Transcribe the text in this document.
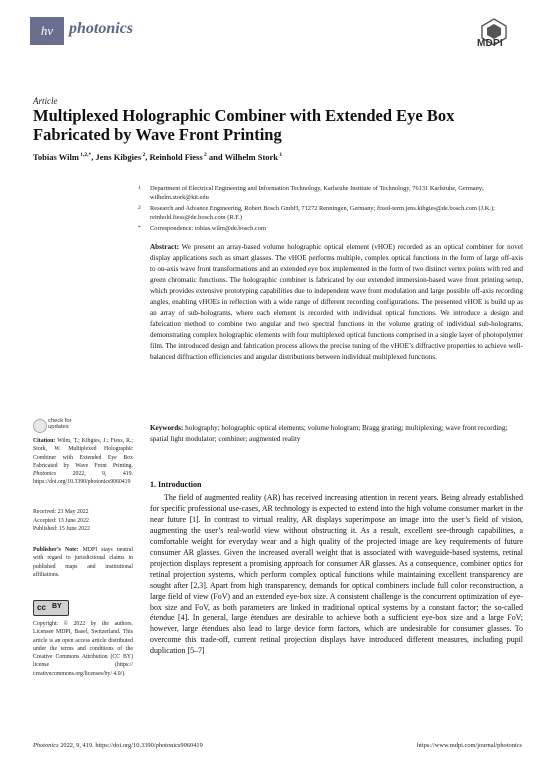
hv photonics
MDPI
Article
Multiplexed Holographic Combiner with Extended Eye Box Fabricated by Wave Front Printing
Tobias Wilm $^{1,2,*}$, Jens Kibgies $^2$, Reinhold Fiess $^2$ and Wilhelm Stork $^1$
1 Department of Electrical Engineering and Information Technology, Karlsruhe Institute of Technology, 76131 Karlsruhe, Germany; wilhelm.stork@kit.edu
2 Research and Advance Engineering, Robert Bosch GmbH, 71272 Renningen, Germany; fixed-term.jens.kibgies@de.bosch.com (J.K.); reinhold.fiess@de.bosch.com (R.F.)
* Correspondence: tobias.wilm@de.bosch.com
Abstract: We present an array-based volume holographic optical element (vHOE) recorded as an optical combiner for novel display applications such as smart glasses. The vHOE performs multiple, complex optical functions in the form of large off-axis to on-axis wave front transformations and an extended eye box implemented in the form of two distinct vertex points with red and green chromatic functions. The holographic combiner is fabricated by our extended immersion-based wave front printing setup, which provides extensive prototyping capabilities due to independent wave front modulation and large possible off-axis recording angles, enabling vHOEs in reflection with a wide range of different recording configurations. The presented vHOE is build up as an array of sub-holograms, where each element is recorded with individual optical functions. We introduce a design and fabrication method to combine two angular and two spectral functions in the volume grating of individual sub-holograms, demonstrating complex holographic elements with four multiplexed optical functions comprised in a single layer of photopolymer film. The introduced design and fabrication process allows the precise tuning of the vHOE’s diffractive properties to achieve well-balanced diffraction efficiencies and angular distributions between individual multiplexed functions.
Keywords: holography; holographic optical elements; volume hologram; Bragg grating; multiplexing; wave front recording; spatial light modulator; combiner; augmented reality
check for updates
Citation: Wilm, T.; Kibgies, J.; Fiess, R.; Stork, W. Multiplexed Holographic Combiner with Extended Eye Box Fabricated by Wave Front Printing. Photonics	2022, 9, 419. https://doi.org/10.3390/photonics9060419
Received: 23 May 2022
Accepted: 13 June 2022
Published: 15 June 2022
Publisher’s Note: MDPI stays neutral with regard to jurisdictional claims in published maps and institutional affiliations.
cc BY
Copyright: © 2022 by the authors. Licensee MDPI, Basel, Switzerland. This article is an open access article distributed under the terms and conditions of the Creative Commons Attribution (CC BY) license (https:// creativecommons.org/licenses/by/ 4.0/).
1. Introduction
The field of augmented reality (AR) has received increasing attention in recent years. Being already established for specific professional use-cases, AR technology is expected to extend into the high volume consumer market in the near future [1]. In contrast to virtual reality, AR displays superimpose an image into the user’s field of vision, augmenting the user’s real-world view without obstructing it. As a result, excellent see-through capabilities, a comfortable weight for everyday wear and a high quality of the projected image are key requirements of future consumer AR glasses. Given the increased overall weight that is associated with waveguide-based systems, retinal projection displays represent a promising approach for consumer AR glasses. As a consequence, combiner optics for retinal projection systems, which perform complex optical functions while maintaining excellent transparency are sought after [2,3]. Apart from high transparency, demands for optical combiners include full color reconstruction, a large field of view (FoV) and an extended eye-box size. A consistent challenge is the concurrent optimization of eye-box size and FoV, as both parameters are linked in traditional optical systems by a constant factor; the so-called étendue [4]. In general, large étendues are desirable to achieve both a sufficient eye-box size and a large FoV; however, large étendues also lead to large device form factors, which are undesirable for consumer glasses. To overcome this trade-off, current retinal projection displays have introduced different measures, including pupil duplication [5–7]
Photonics 2022, 9, 419. https://doi.org/10.3390/photonics9060419	https://www.mdpi.com/journal/photonics
